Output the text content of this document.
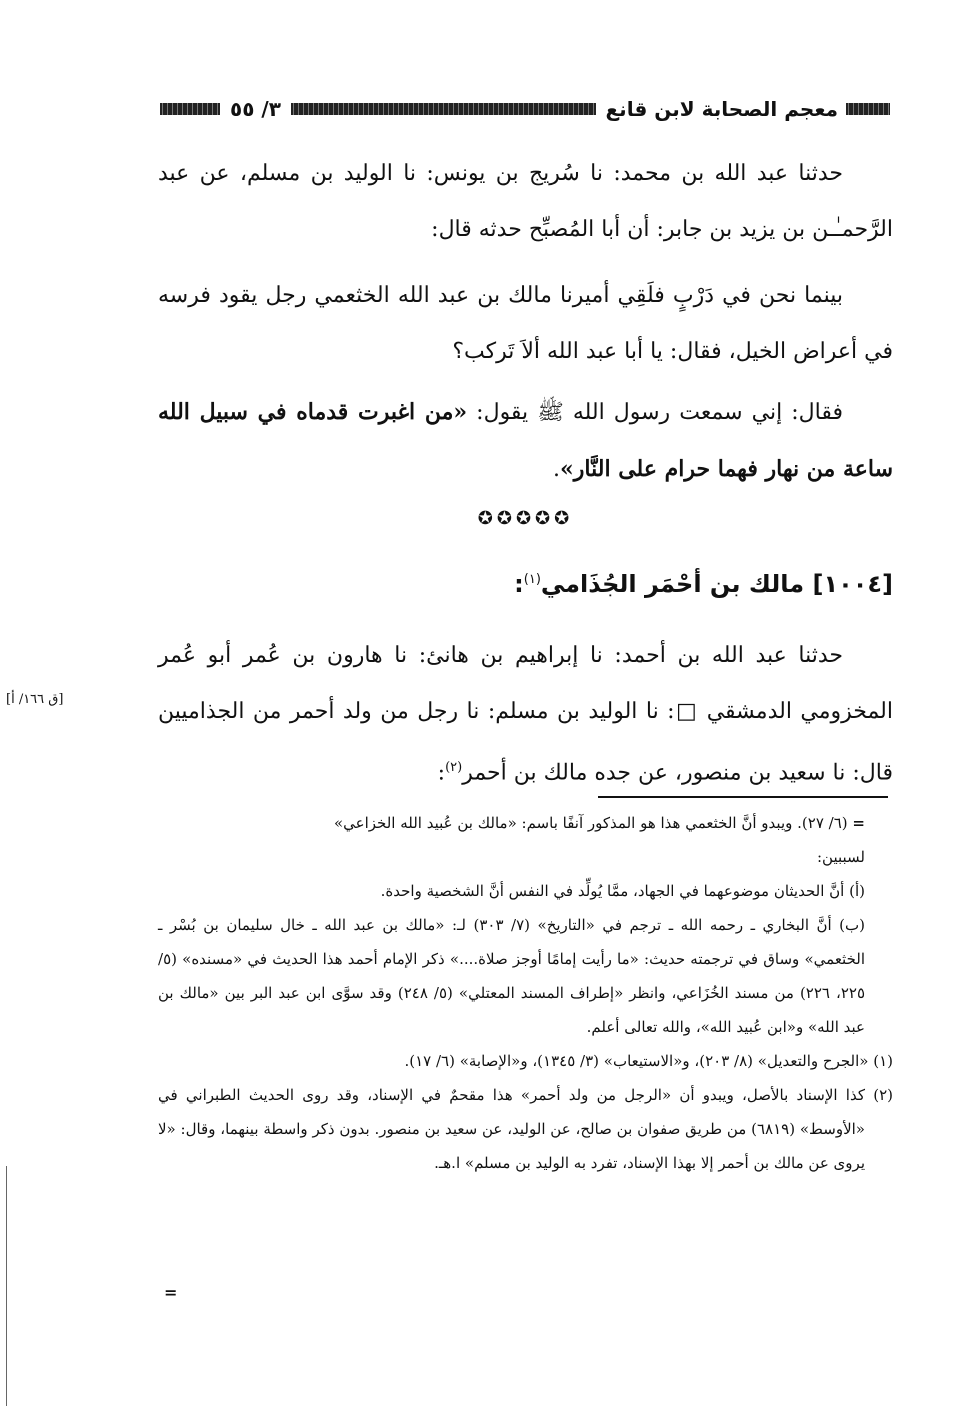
معجم الصحابة لابن قانع
٣/ ٥٥

حدثنا عبد الله بن محمد: نا سُريج بن يونس: نا الوليد بن مسلم، عن عبد الرَّحمـٰـن بن يزيد بن جابر: أن أبا المُصبِّح حدثه قال:

بينما نحن في دَرْبٍ فلَقِي أميرنا مالك بن عبد الله الخثعمي رجل يقود فرسه في أعراض الخيل، فقال: يا أبا عبد الله ألاَ تَركب؟

فقال: إني سمعت رسول الله ﷺ يقول: «من اغبرت قدماه في سبيل الله ساعة من نهار فهما حرام على النَّار».

✪✪✪✪✪

[١٠٠٤] مالك بن أحْمَر الجُذَامي$^{(١)}$:

حدثنا عبد الله بن أحمد: نا إبراهيم بن هانئ: نا هارون بن عُمر أبو عُمر المخزومي الدمشقي □: نا الوليد بن مسلم: نا رجل من ولد أحمر من الجذاميين قال: نا سعيد بن منصور، عن جده مالك بن أحمر$^{(٢)}$:

[ق ١٦٦/ أ]

= (٦/ ٢٧). ويبدو أنَّ الخثعمي هذا هو المذكور آنفًا باسم: «مالك بن عُبيد الله الخزاعي»
لسببين:

(أ) أنَّ الحديثان موضوعهما في الجهاد، ممَّا يُولِّد في النفس أنَّ الشخصية واحدة.

(ب) أنَّ البخاري ـ رحمه الله ـ ترجم في «التاريخ» (٧/ ٣٠٣) لـ: «مالك بن عبد الله ـ خال سليمان بن بُسْر ـ الخثعمي» وساق في ترجمته حديث: «ما رأيت إمامًا أوجز صلاة....» ذكر الإمام أحمد هذا الحديث في «مسنده» (٥/ ٢٢٥، ٢٢٦) من مسند الخُزَاعي، وانظر «إطراف المسند المعتلي» (٥/ ٢٤٨) وقد سوَّى ابن عبد البر بين «مالك بن عبد الله» و«ابن عُبيد الله»، والله تعالى أعلم.

(١) «الجرح والتعديل» (٨/ ٢٠٣)، و«الاستيعاب» (٣/ ١٣٤٥)، و«الإصابة» (٦/ ١٧).

(٢) كذا الإسناد بالأصل، ويبدو أن «الرجل من ولد أحمر» هذا مقحمٌ في الإسناد، وقد روى الحديث الطبراني في «الأوسط» (٦٨١٩) من طريق صفوان بن صالح، عن الوليد، عن سعيد بن منصور. بدون ذكر واسطة بينهما، وقال: «لا يروى عن مالك بن أحمر إلا بهذا الإسناد، تفرد به الوليد بن مسلم» ا.هـ.

=
